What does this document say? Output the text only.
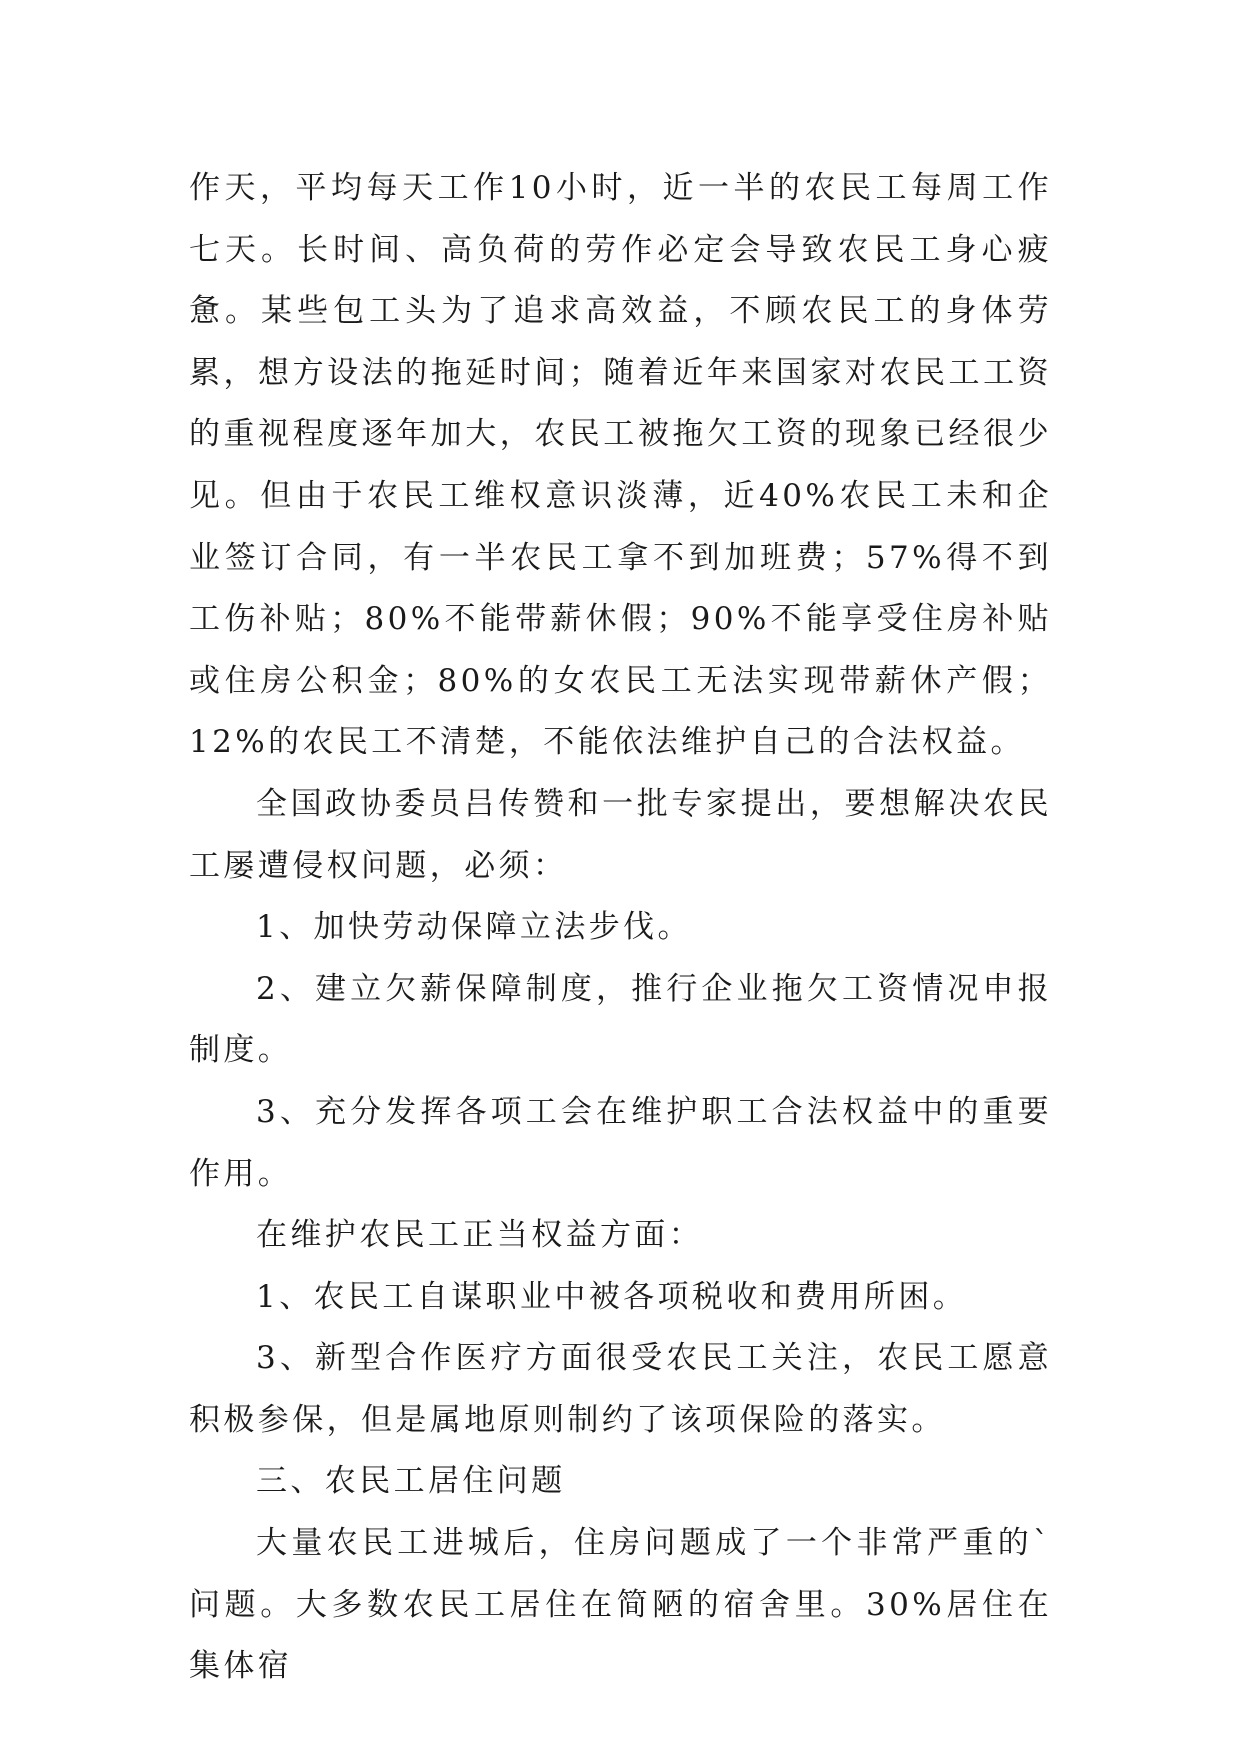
作天，平均每天工作10小时，近一半的农民工每周工作七天。长时间、高负荷的劳作必定会导致农民工身心疲惫。某些包工头为了追求高效益，不顾农民工的身体劳累，想方设法的拖延时间；随着近年来国家对农民工工资的重视程度逐年加大，农民工被拖欠工资的现象已经很少见。但由于农民工维权意识淡薄，近40%农民工未和企业签订合同，有一半农民工拿不到加班费；57%得不到工伤补贴；80%不能带薪休假；90%不能享受住房补贴或住房公积金；80%的女农民工无法实现带薪休产假；12%的农民工不清楚，不能依法维护自己的合法权益。

全国政协委员吕传赞和一批专家提出，要想解决农民工屡遭侵权问题，必须：

1、加快劳动保障立法步伐。

2、建立欠薪保障制度，推行企业拖欠工资情况申报制度。

3、充分发挥各项工会在维护职工合法权益中的重要作用。

在维护农民工正当权益方面：

1、农民工自谋职业中被各项税收和费用所困。

3、新型合作医疗方面很受农民工关注，农民工愿意积极参保，但是属地原则制约了该项保险的落实。

三、农民工居住问题

大量农民工进城后，住房问题成了一个非常严重的`问题。大多数农民工居住在简陋的宿舍里。30%居住在集体宿
